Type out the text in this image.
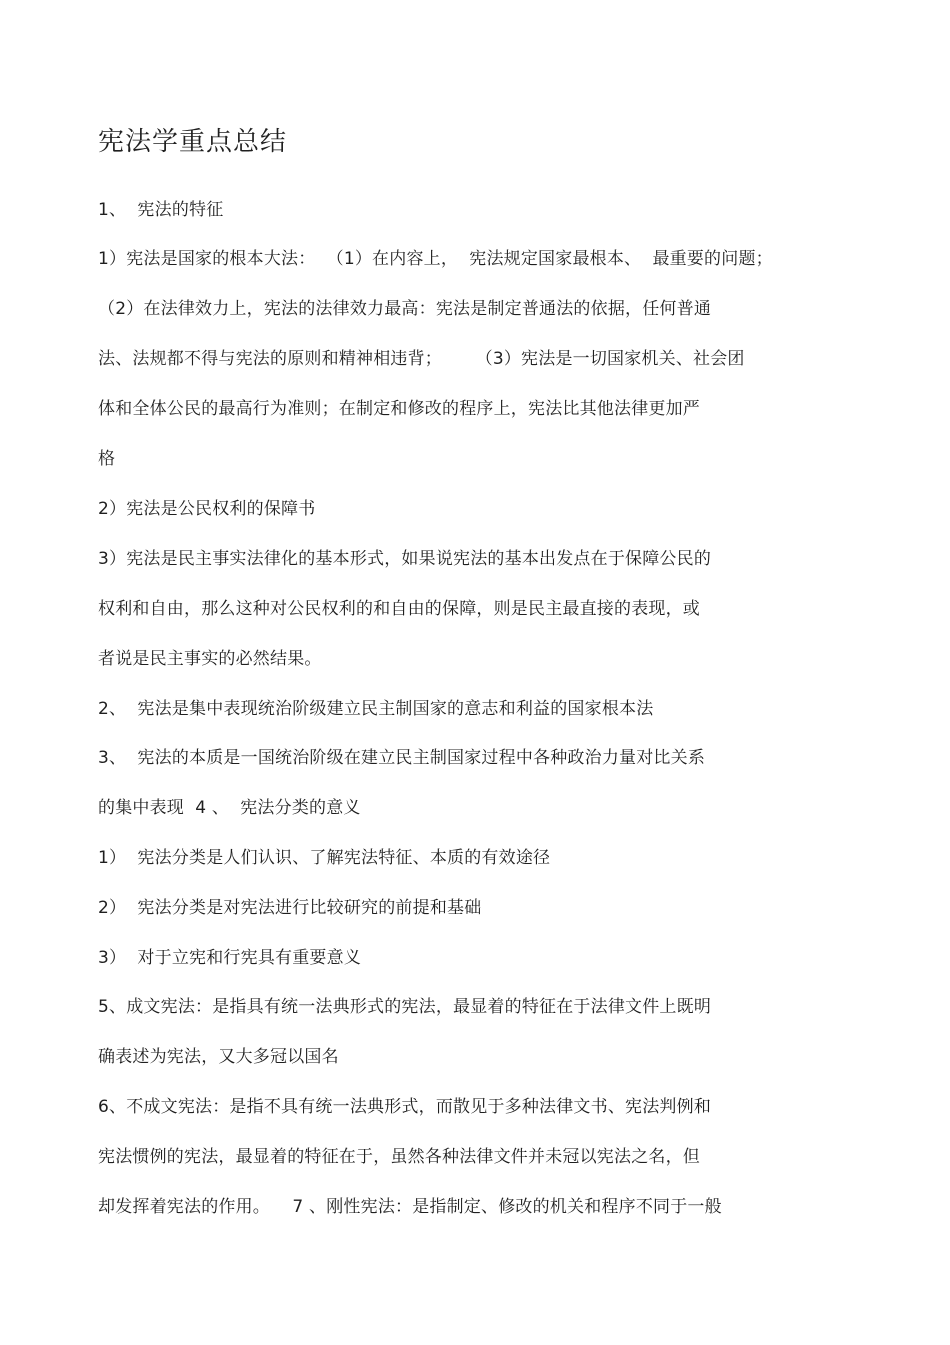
宪法学重点总结
1、  宪法的特征
1）宪法是国家的根本大法：  （1）在内容上，  宪法规定国家最根本、  最重要的问题；
（2）在法律效力上，宪法的法律效力最高：宪法是制定普通法的依据，任何普通
法、法规都不得与宪法的原则和精神相违背；      （3）宪法是一切国家机关、社会团
体和全体公民的最高行为准则；在制定和修改的程序上，宪法比其他法律更加严
格
2）宪法是公民权利的保障书
3）宪法是民主事实法律化的基本形式，如果说宪法的基本出发点在于保障公民的
权利和自由，那么这种对公民权利的和自由的保障，则是民主最直接的表现，或
者说是民主事实的必然结果。
2、  宪法是集中表现统治阶级建立民主制国家的意志和利益的国家根本法
3、  宪法的本质是一国统治阶级在建立民主制国家过程中各种政治力量对比关系
的集中表现  4 、  宪法分类的意义
1）  宪法分类是人们认识、了解宪法特征、本质的有效途径
2）  宪法分类是对宪法进行比较研究的前提和基础
3）  对于立宪和行宪具有重要意义
5、成文宪法：是指具有统一法典形式的宪法，最显着的特征在于法律文件上既明
确表述为宪法，又大多冠以国名
6、不成文宪法：是指不具有统一法典形式，而散见于多种法律文书、宪法判例和
宪法惯例的宪法，最显着的特征在于，虽然各种法律文件并未冠以宪法之名，但
却发挥着宪法的作用。    7 、刚性宪法：是指制定、修改的机关和程序不同于一般
